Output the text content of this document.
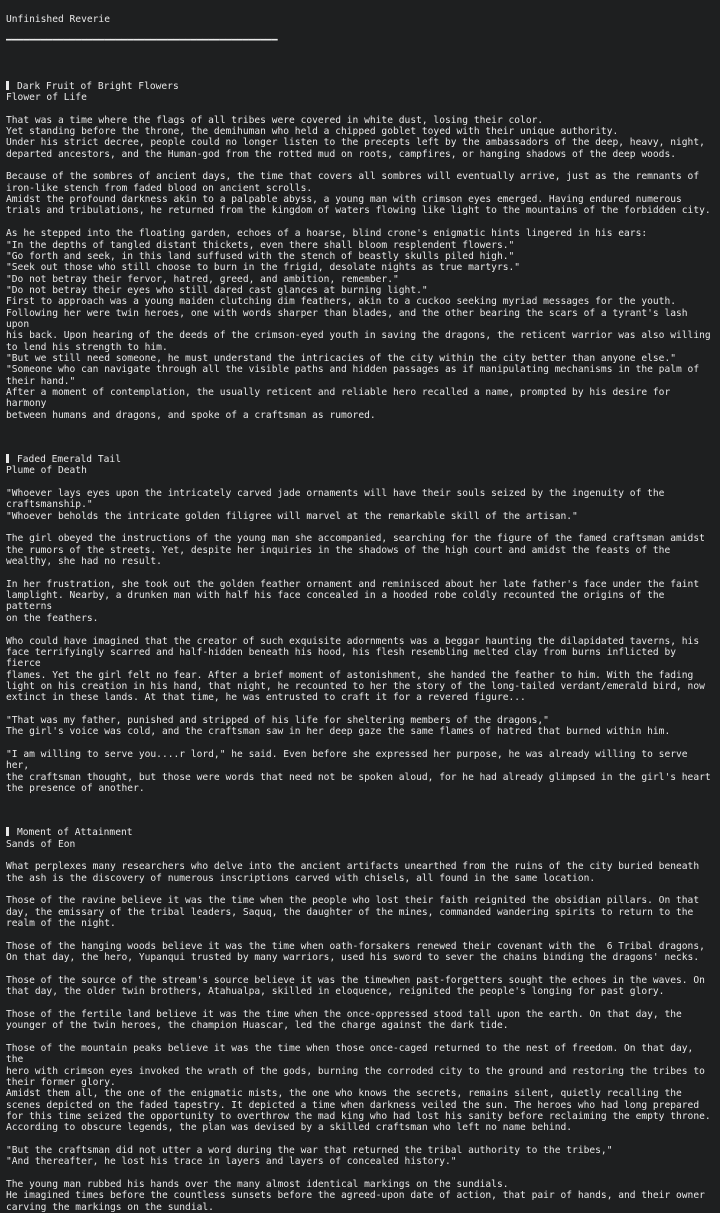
Unfinished Reverie
━━━━━━━━━━━━━━━━━━━━━━━━━━━━━━━━━━━━━━━━━━━━━━━
Dark Fruit of Bright Flowers
Flower of Life
That was a time where the flags of all tribes were covered in white dust, losing their color.
Yet standing before the throne, the demihuman who held a chipped goblet toyed with their unique authority.
Under his strict decree, people could no longer listen to the precepts left by the ambassadors of the deep, heavy, night,
departed ancestors, and the Human-god from the rotted mud on roots, campfires, or hanging shadows of the deep woods.
Because of the sombres of ancient days, the time that covers all sombres will eventually arrive, just as the remnants of
iron-like stench from faded blood on ancient scrolls.
Amidst the profound darkness akin to a palpable abyss, a young man with crimson eyes emerged. Having endured numerous
trials and tribulations, he returned from the kingdom of waters flowing like light to the mountains of the forbidden city.
As he stepped into the floating garden, echoes of a hoarse, blind crone's enigmatic hints lingered in his ears:
"In the depths of tangled distant thickets, even there shall bloom resplendent flowers."
"Go forth and seek, in this land suffused with the stench of beastly skulls piled high."
"Seek out those who still choose to burn in the frigid, desolate nights as true martyrs."
"Do not betray their fervor, hatred, greed, and ambition, remember."
"Do not betray their eyes who still dared cast glances at burning light."
First to approach was a young maiden clutching dim feathers, akin to a cuckoo seeking myriad messages for the youth.
Following her were twin heroes, one with words sharper than blades, and the other bearing the scars of a tyrant's lash upon
his back. Upon hearing of the deeds of the crimson-eyed youth in saving the dragons, the reticent warrior was also willing
to lend his strength to him.
"But we still need someone, he must understand the intricacies of the city within the city better than anyone else."
"Someone who can navigate through all the visible paths and hidden passages as if manipulating mechanisms in the palm of
their hand."
After a moment of contemplation, the usually reticent and reliable hero recalled a name, prompted by his desire for harmony
between humans and dragons, and spoke of a craftsman as rumored.
Faded Emerald Tail
Plume of Death
"Whoever lays eyes upon the intricately carved jade ornaments will have their souls seized by the ingenuity of the
craftsmanship."
"Whoever beholds the intricate golden filigree will marvel at the remarkable skill of the artisan."
The girl obeyed the instructions of the young man she accompanied, searching for the figure of the famed craftsman amidst
the rumors of the streets. Yet, despite her inquiries in the shadows of the high court and amidst the feasts of the
wealthy, she had no result.
In her frustration, she took out the golden feather ornament and reminisced about her late father's face under the faint
lamplight. Nearby, a drunken man with half his face concealed in a hooded robe coldly recounted the origins of the patterns
on the feathers.
Who could have imagined that the creator of such exquisite adornments was a beggar haunting the dilapidated taverns, his
face terrifyingly scarred and half-hidden beneath his hood, his flesh resembling melted clay from burns inflicted by fierce
flames. Yet the girl felt no fear. After a brief moment of astonishment, she handed the feather to him. With the fading
light on his creation in his hand, that night, he recounted to her the story of the long-tailed verdant/emerald bird, now
extinct in these lands. At that time, he was entrusted to craft it for a revered figure...
"That was my father, punished and stripped of his life for sheltering members of the dragons,"
The girl's voice was cold, and the craftsman saw in her deep gaze the same flames of hatred that burned within him.
"I am willing to serve you....r lord," he said. Even before she expressed her purpose, he was already willing to serve her,
the craftsman thought, but those were words that need not be spoken aloud, for he had already glimpsed in the girl's heart
the presence of another.
Moment of Attainment
Sands of Eon
What perplexes many researchers who delve into the ancient artifacts unearthed from the ruins of the city buried beneath
the ash is the discovery of numerous inscriptions carved with chisels, all found in the same location.
Those of the ravine believe it was the time when the people who lost their faith reignited the obsidian pillars. On that
day, the emissary of the tribal leaders, Saquq, the daughter of the mines, commanded wandering spirits to return to the
realm of the night.
Those of the hanging woods believe it was the time when oath-forsakers renewed their covenant with the  6 Tribal dragons,
On that day, the hero, Yupanqui trusted by many warriors, used his sword to sever the chains binding the dragons' necks.
Those of the source of the stream's source believe it was the timewhen past-forgetters sought the echoes in the waves. On
that day, the older twin brothers, Atahualpa, skilled in eloquence, reignited the people's longing for past glory.
Those of the fertile land believe it was the time when the once-oppressed stood tall upon the earth. On that day, the
younger of the twin heroes, the champion Huascar, led the charge against the dark tide.
Those of the mountain peaks believe it was the time when those once-caged returned to the nest of freedom. On that day, the
hero with crimson eyes invoked the wrath of the gods, burning the corroded city to the ground and restoring the tribes to
their former glory.
Amidst them all, the one of the enigmatic mists, the one who knows the secrets, remains silent, quietly recalling the
scenes depicted on the faded tapestry. It depicted a time when darkness veiled the sun. The heroes who had long prepared
for this time seized the opportunity to overthrow the mad king who had lost his sanity before reclaiming the empty throne.
According to obscure legends, the plan was devised by a skilled craftsman who left no name behind.
"But the craftsman did not utter a word during the war that returned the tribal authority to the tribes,"
"And thereafter, he lost his trace in layers and layers of concealed history."
The young man rubbed his hands over the many almost identical markings on the sundials.
He imagined times before the countless sunsets before the agreed-upon date of action, that pair of hands, and their owner
carving the markings on the sundial.
